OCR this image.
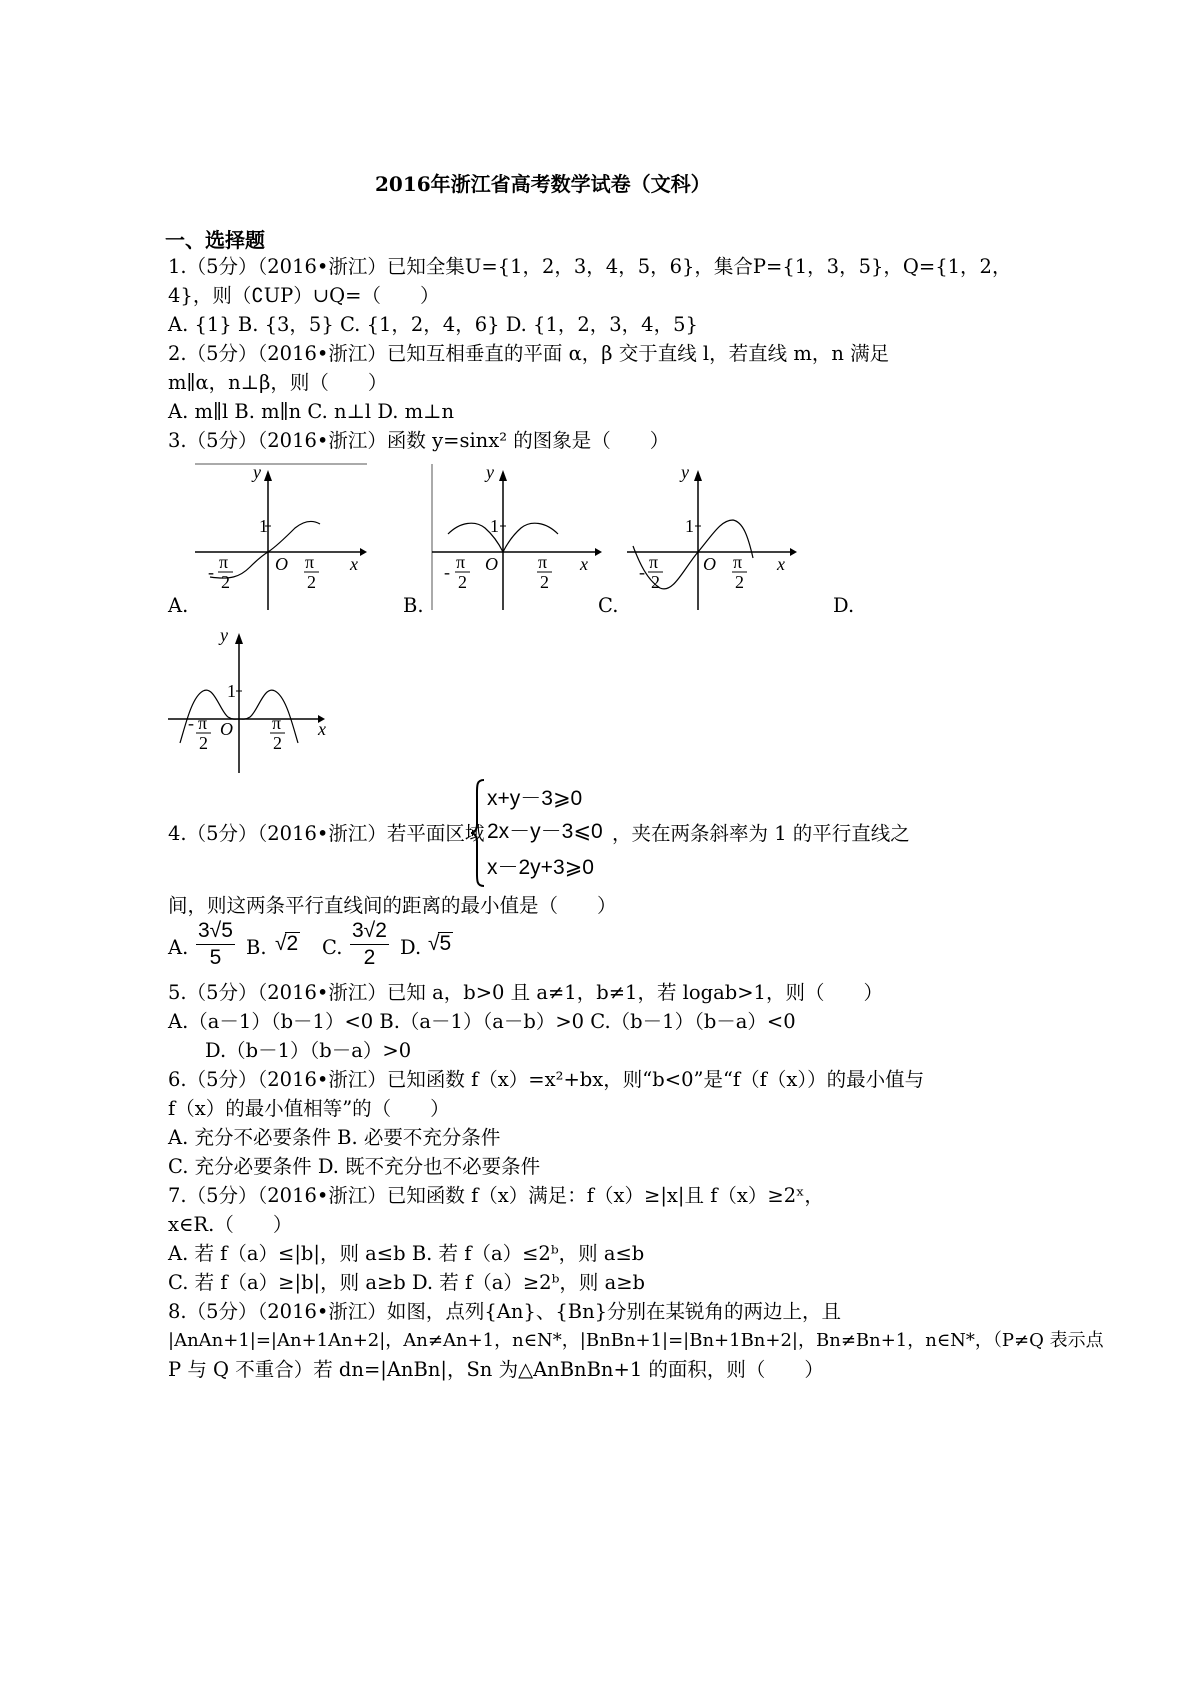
2016年浙江省高考数学试卷（文科）
一、选择题
1.（5分）（2016•浙江）已知全集U={1，2，3，4，5，6}，集合P={1，3，5}，Q={1，2，
4}，则（∁UP）∪Q=（　　）
A. {1} B. {3，5} C. {1，2，4，6} D. {1，2，3，4，5}
2.（5分）（2016•浙江）已知互相垂直的平面 α，β 交于直线 l，若直线 m，n 满足
m∥α，n⊥β，则（　　）
A. m∥l B. m∥n C. n⊥l D. m⊥n
3.（5分）（2016•浙江）函数 y=sinx² 的图象是（　　）
y
x
O
1
- π
2
π
2
A.
y
x
O
1
- π
2
π
2
B.
y
x
O
1
- π
2
π
2
C.	D.
y
x
O
1
- π
2
π
2
4.（5分）（2016•浙江）若平面区域
x+y－3⩾0
2x－y－3⩽0
x－2y+3⩾0
，夹在两条斜率为 1 的平行直线之
间，则这两条平行直线间的距离的最小值是（　　）
A. $\frac{3√5}{5} B$. √2 C. $\frac{3√2}{2} D$. √5
5.（5分）（2016•浙江）已知 a，b>0 且 a≠1，b≠1，若 logab>1，则（　　）
A.（a－1）（b－1）<0 B.（a－1）（a－b）>0 C.（b－1）（b－a）<0
D.（b－1）（b－a）>0
6.（5分）（2016•浙江）已知函数 f（x）=x²+bx，则“b<0”是“f（f（x））的最小值与
f（x）的最小值相等”的（　　）
A. 充分不必要条件 B. 必要不充分条件
C. 充分必要条件 D. 既不充分也不必要条件
7.（5分）（2016•浙江）已知函数 f（x）满足：f（x）≥|x|且 f（x）≥2ˣ，
x∈R.（　　）
A. 若 f（a）≤|b|，则 a≤b B. 若 f（a）≤2ᵇ，则 a≤b
C. 若 f（a）≥|b|，则 a≥b D. 若 f（a）≥2ᵇ，则 a≥b
8.（5分）（2016•浙江）如图，点列{An}、{Bn}分别在某锐角的两边上，且
|AnAn+1|=|An+1An+2|，An≠An+1，n∈N*，|BnBn+1|=|Bn+1Bn+2|，Bn≠Bn+1，n∈N*，（P≠Q 表示点
P 与 Q 不重合）若 dn=|AnBn|，Sn 为△AnBnBn+1 的面积，则（　　）
